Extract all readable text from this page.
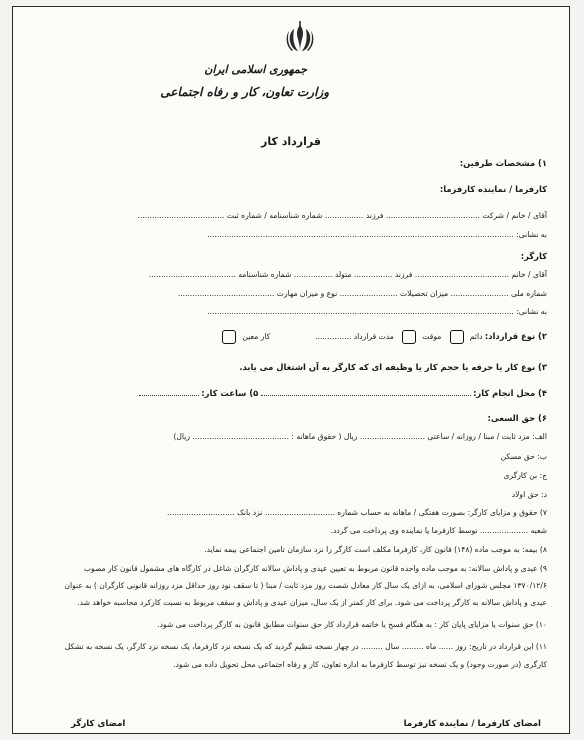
جمهوری اسلامی ایران
وزارت تعاون، کار و رفاه اجتماعی
قرارداد کار
۱) مشخصات طرفین:
کارفرما / نماینده کارفرما:
آقای / خانم / شرکت ....................................... فرزند ................ شماره شناسنامه / شماره ثبت ....................................
به نشانی: ...............................................................................................................................
کارگر:
آقای / خانم ....................................... فرزند ................ متولد ................ شماره شناسنامه ....................................
شماره ملی ........................ میزان تحصیلات ........................ نوع و میزان مهارت ........................................
به نشانی: ...............................................................................................................................
۲) نوع قرارداد: دائم موقت مدت قرارداد ...............  کار معین
۳) نوع کار یا حرفه یا حجم کار یا وظیفه ای که کارگر به آن اشتغال می یابد.
۴) محل انجام کار:  ۵) ساعت کار:
۶) حق السعی:
الف: مزد ثابت / مبنا / روزانه / ساعتی ........................... ریال ( حقوق ماهانه : ........................................ ریال)
ب: حق مسکن
ج: بن کارگری
د: حق اولاد
۷) حقوق و مزایای کارگر: بصورت هفتگی / ماهانه به حساب شماره ............................. نزد بانک ............................
شعبه .................... توسط کارفرما یا نماینده وی پرداخت می گردد.
۸) بیمه: به موجب ماده (۱۴۸) قانون کار، کارفرما مکلف است کارگر را نزد سازمان تامین اجتماعی بیمه نماید.
۹) عیدی و پاداش سالانه: به موجب ماده واحده قانون مربوط به تعیین عیدی و پاداش سالانه کارگران شاغل در کارگاه های مشمول قانون کار مصوب
۱۳۷۰/۱۲/۶ مجلس شورای اسلامی، به ازای یک سال کار معادل شصت روز مزد ثابت / مبنا ( تا سقف نود روز حداقل مزد روزانه قانونی کارگران ) به عنوان
عیدی و پاداش سالانه به کارگر پرداخت می شود. برای کار کمتر از یک سال، میزان عیدی و پاداش و سقف مربوط به نسبت کارکرد محاسبه خواهد شد.
۱۰) حق سنوات یا مزایای پایان کار : به هنگام فسخ یا خاتمه قرارداد کار حق سنوات مطابق قانون به کارگر پرداخت می شود.
۱۱) این قرارداد در تاریخ: روز ...... ماه ......... سال ......... در چهار نسخه تنظیم گردید که یک نسخه نزد کارفرما، یک نسخه نزد کارگر، یک نسخه به تشکل
کارگری (در صورت وجود) و یک نسخه نیز توسط کارفرما به اداره تعاون، کار و رفاه اجتماعی محل تحویل داده می شود.
امضای کارفرما / نماینده کارفرما
امضای کارگر
